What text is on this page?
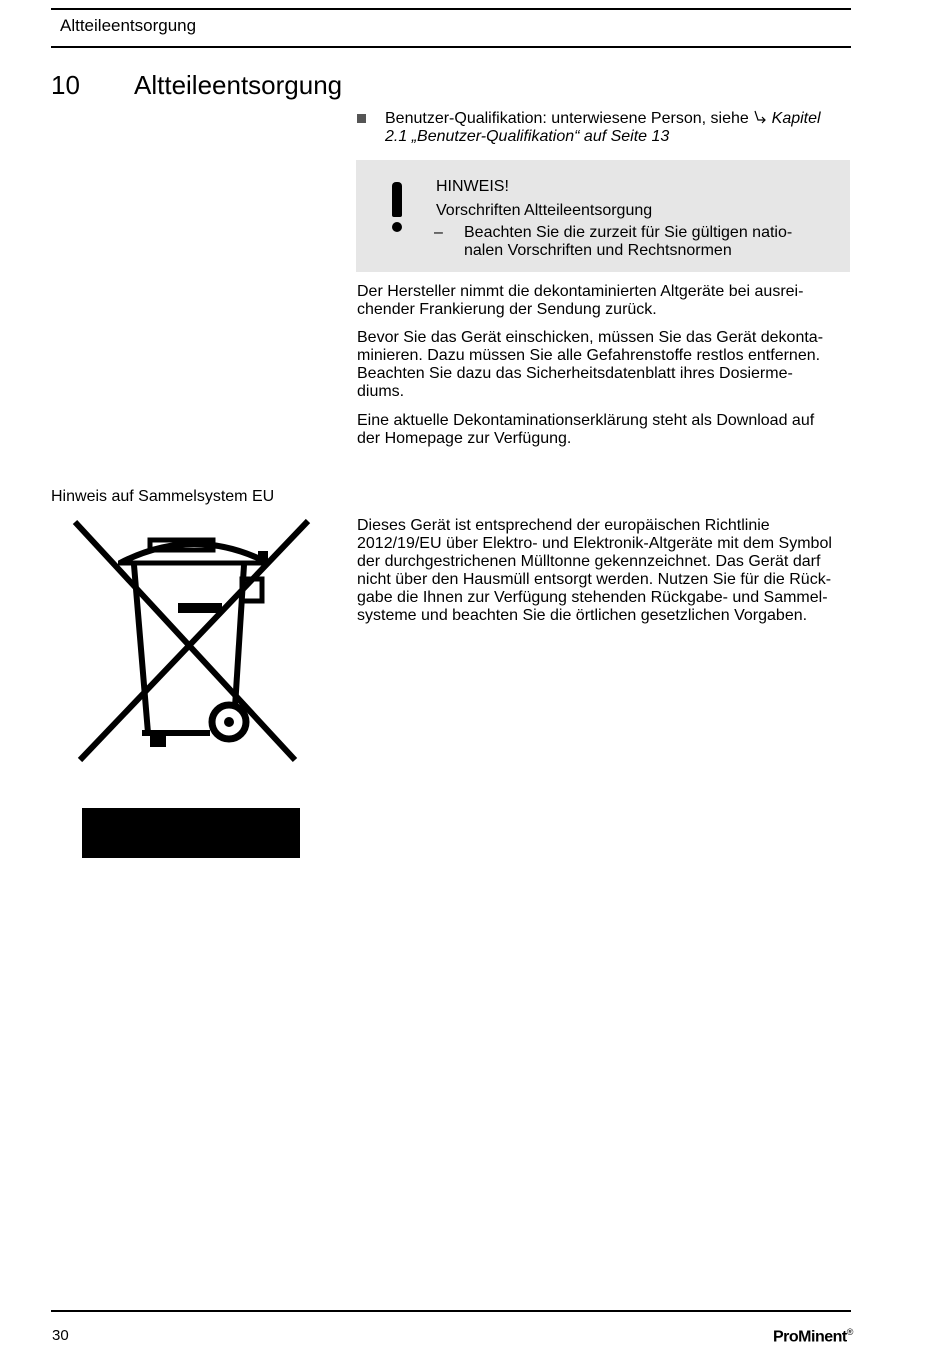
Altteileentsorgung
10 Altteileentsorgung
Benutzer-Qualifikation: unterwiesene Person, siehe  Kapitel
2.1 „Benutzer-Qualifikation“ auf Seite 13
HINWEIS!
Vorschriften Altteileentsorgung
– Beachten Sie die zurzeit für Sie gültigen natio-
nalen Vorschriften und Rechtsnormen
Der Hersteller nimmt die dekontaminierten Altgeräte bei ausrei-
chender Frankierung der Sendung zurück.
Bevor Sie das Gerät einschicken, müssen Sie das Gerät dekonta-
minieren. Dazu müssen Sie alle Gefahrenstoffe restlos entfernen.
Beachten Sie dazu das Sicherheitsdatenblatt ihres Dosierme-
diums.
Eine aktuelle Dekontaminationserklärung steht als Download auf
der Homepage zur Verfügung.
Hinweis auf Sammelsystem EU
Dieses Gerät ist entsprechend der europäischen Richtlinie
2012/19/EU über Elektro- und Elektronik-Altgeräte mit dem Symbol
der durchgestrichenen Mülltonne gekennzeichnet. Das Gerät darf
nicht über den Hausmüll entsorgt werden. Nutzen Sie für die Rück-
gabe die Ihnen zur Verfügung stehenden Rückgabe- und Sammel-
systeme und beachten Sie die örtlichen gesetzlichen Vorgaben.
30	ProMinent®
